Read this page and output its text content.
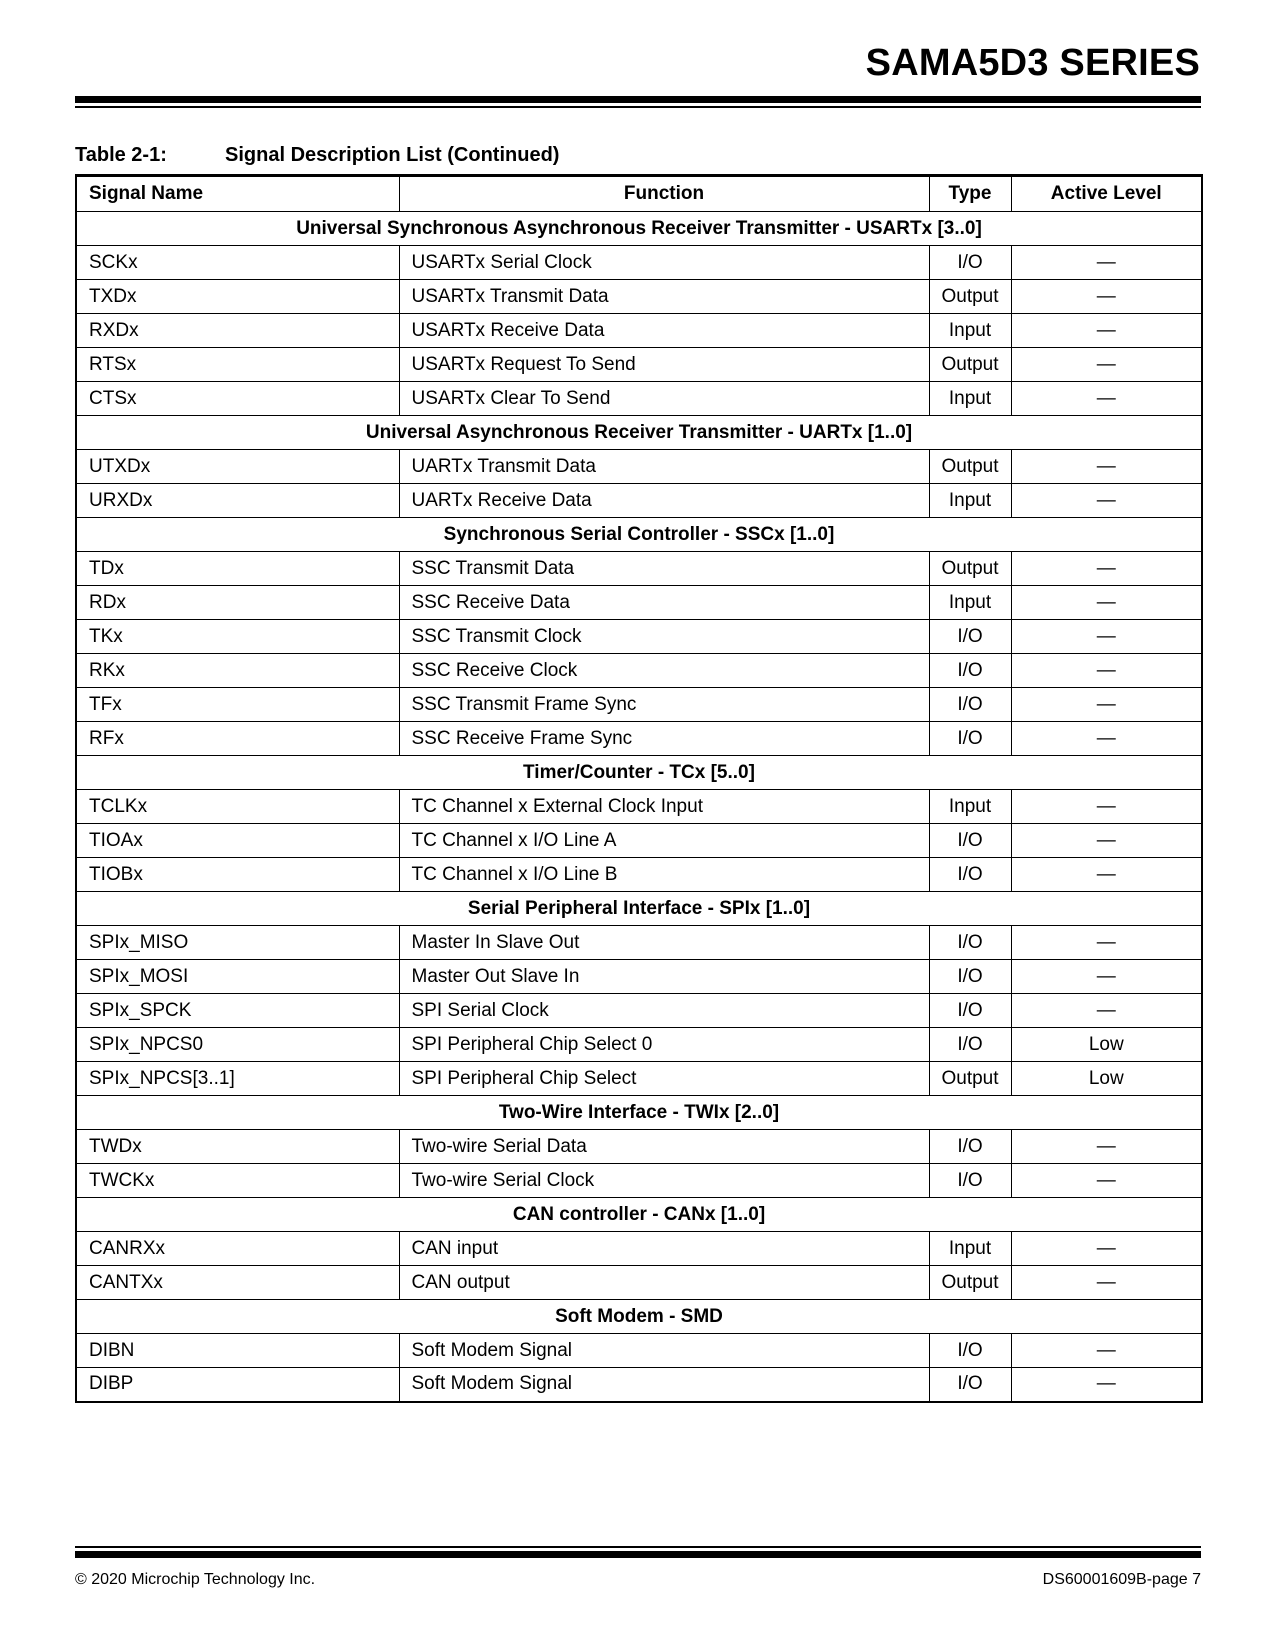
SAMA5D3 SERIES
Table 2-1:	Signal Description List (Continued)
Signal Name	Function	Type	Active Level
Universal Synchronous Asynchronous Receiver Transmitter - USARTx [3..0]			
SCKx	USARTx Serial Clock	I/O	—
TXDx	USARTx Transmit Data	Output	—
RXDx	USARTx Receive Data	Input	—
RTSx	USARTx Request To Send	Output	—
CTSx	USARTx Clear To Send	Input	—
Universal Asynchronous Receiver Transmitter - UARTx [1..0]			
UTXDx	UARTx Transmit Data	Output	—
URXDx	UARTx Receive Data	Input	—
Synchronous Serial Controller - SSCx [1..0]			
TDx	SSC Transmit Data	Output	—
RDx	SSC Receive Data	Input	—
TKx	SSC Transmit Clock	I/O	—
RKx	SSC Receive Clock	I/O	—
TFx	SSC Transmit Frame Sync	I/O	—
RFx	SSC Receive Frame Sync	I/O	—
Timer/Counter - TCx [5..0]			
TCLKx	TC Channel x External Clock Input	Input	—
TIOAx	TC Channel x I/O Line A	I/O	—
TIOBx	TC Channel x I/O Line B	I/O	—
Serial Peripheral Interface - SPIx [1..0]			
SPIx_MISO	Master In Slave Out	I/O	—
SPIx_MOSI	Master Out Slave In	I/O	—
SPIx_SPCK	SPI Serial Clock	I/O	—
SPIx_NPCS0	SPI Peripheral Chip Select 0	I/O	Low
SPIx_NPCS[3..1]	SPI Peripheral Chip Select	Output	Low
Two-Wire Interface - TWIx [2..0]			
TWDx	Two-wire Serial Data	I/O	—
TWCKx	Two-wire Serial Clock	I/O	—
CAN controller - CANx [1..0]			
CANRXx	CAN input	Input	—
CANTXx	CAN output	Output	—
Soft Modem - SMD			
DIBN	Soft Modem Signal	I/O	—
DIBP	Soft Modem Signal	I/O	—
© 2020 Microchip Technology Inc.	DS60001609B-page 7
